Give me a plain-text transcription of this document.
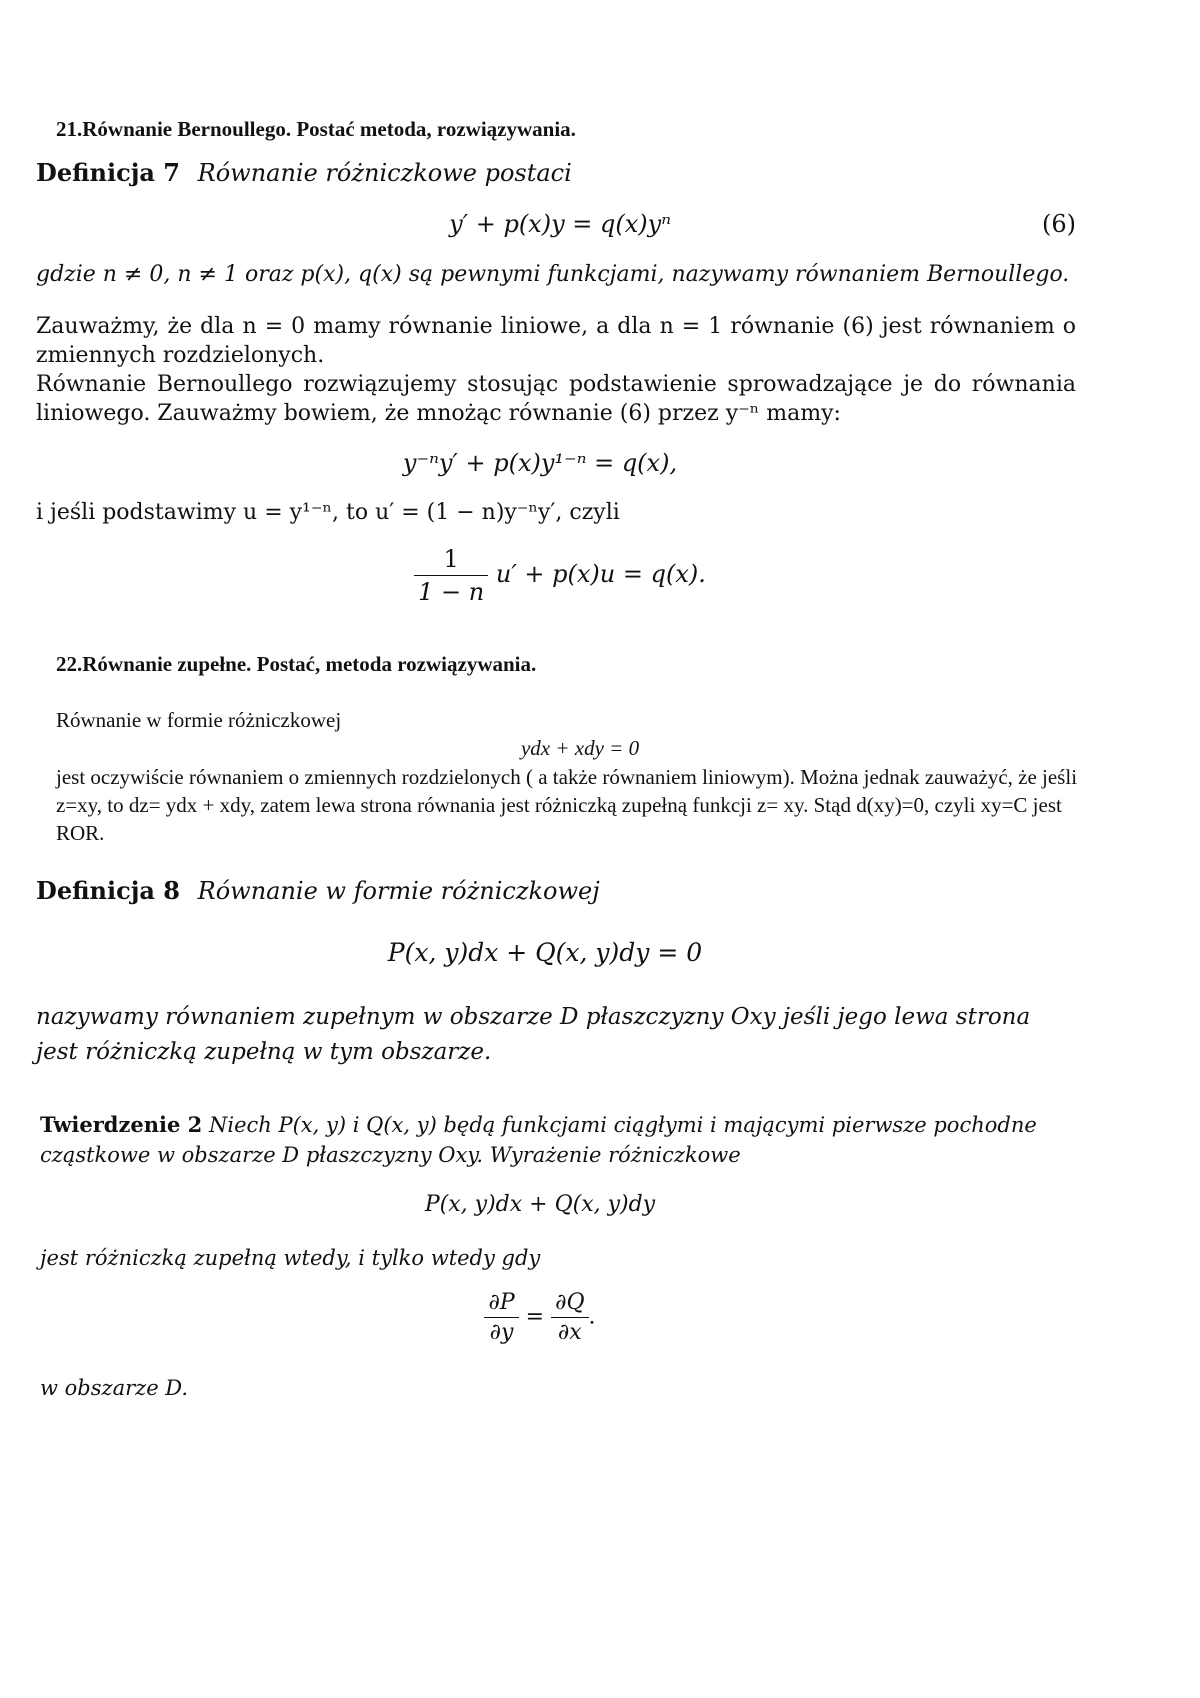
21.Równanie Bernoullego. Postać metoda, rozwiązywania.
Definicja 7 Równanie różniczkowe postaci
y′ + p(x)y = q(x)yⁿ	(6)
gdzie n ≠ 0, n ≠ 1 oraz p(x), q(x) są pewnymi funkcjami, nazywamy równaniem Bernoullego.
Zauważmy, że dla n = 0 mamy równanie liniowe, a dla n = 1 równanie (6) jest równaniem o zmiennych rozdzielonych.
Równanie Bernoullego rozwiązujemy stosując podstawienie sprowadzające je do równania liniowego. Zauważmy bowiem, że mnożąc równanie (6) przez y⁻ⁿ mamy:
y⁻ⁿy′ + p(x)y¹⁻ⁿ = q(x),
i jeśli podstawimy u = y¹⁻ⁿ, to u′ = (1 − n)y⁻ⁿy′, czyli
$\frac{1}{1 - n} u' + p(x)u = q(x)$.
22.Równanie zupełne. Postać, metoda rozwiązywania.
Równanie w formie różniczkowej
ydx + xdy = 0
jest oczywiście równaniem o zmiennych rozdzielonych ( a także równaniem liniowym). Można jednak zauważyć, że jeśli z=xy, to dz= ydx + xdy, zatem lewa strona równania jest różniczką zupełną funkcji z= xy. Stąd d(xy)=0, czyli xy=C jest ROR.
Definicja 8 Równanie w formie różniczkowej
P(x, y)dx + Q(x, y)dy = 0
nazywamy równaniem zupełnym w obszarze D płaszczyzny Oxy jeśli jego lewa strona jest różniczką zupełną w tym obszarze.
Twierdzenie 2 Niech P(x, y) i Q(x, y) będą funkcjami ciągłymi i mającymi pierwsze pochodne cząstkowe w obszarze D płaszczyzny Oxy. Wyrażenie różniczkowe
P(x, y)dx + Q(x, y)dy
jest różniczką zupełną wtedy, i tylko wtedy gdy
$\frac{\partial P}{\partial y} = \frac{\partial Q}{\partial x}$ .
w obszarze D.
